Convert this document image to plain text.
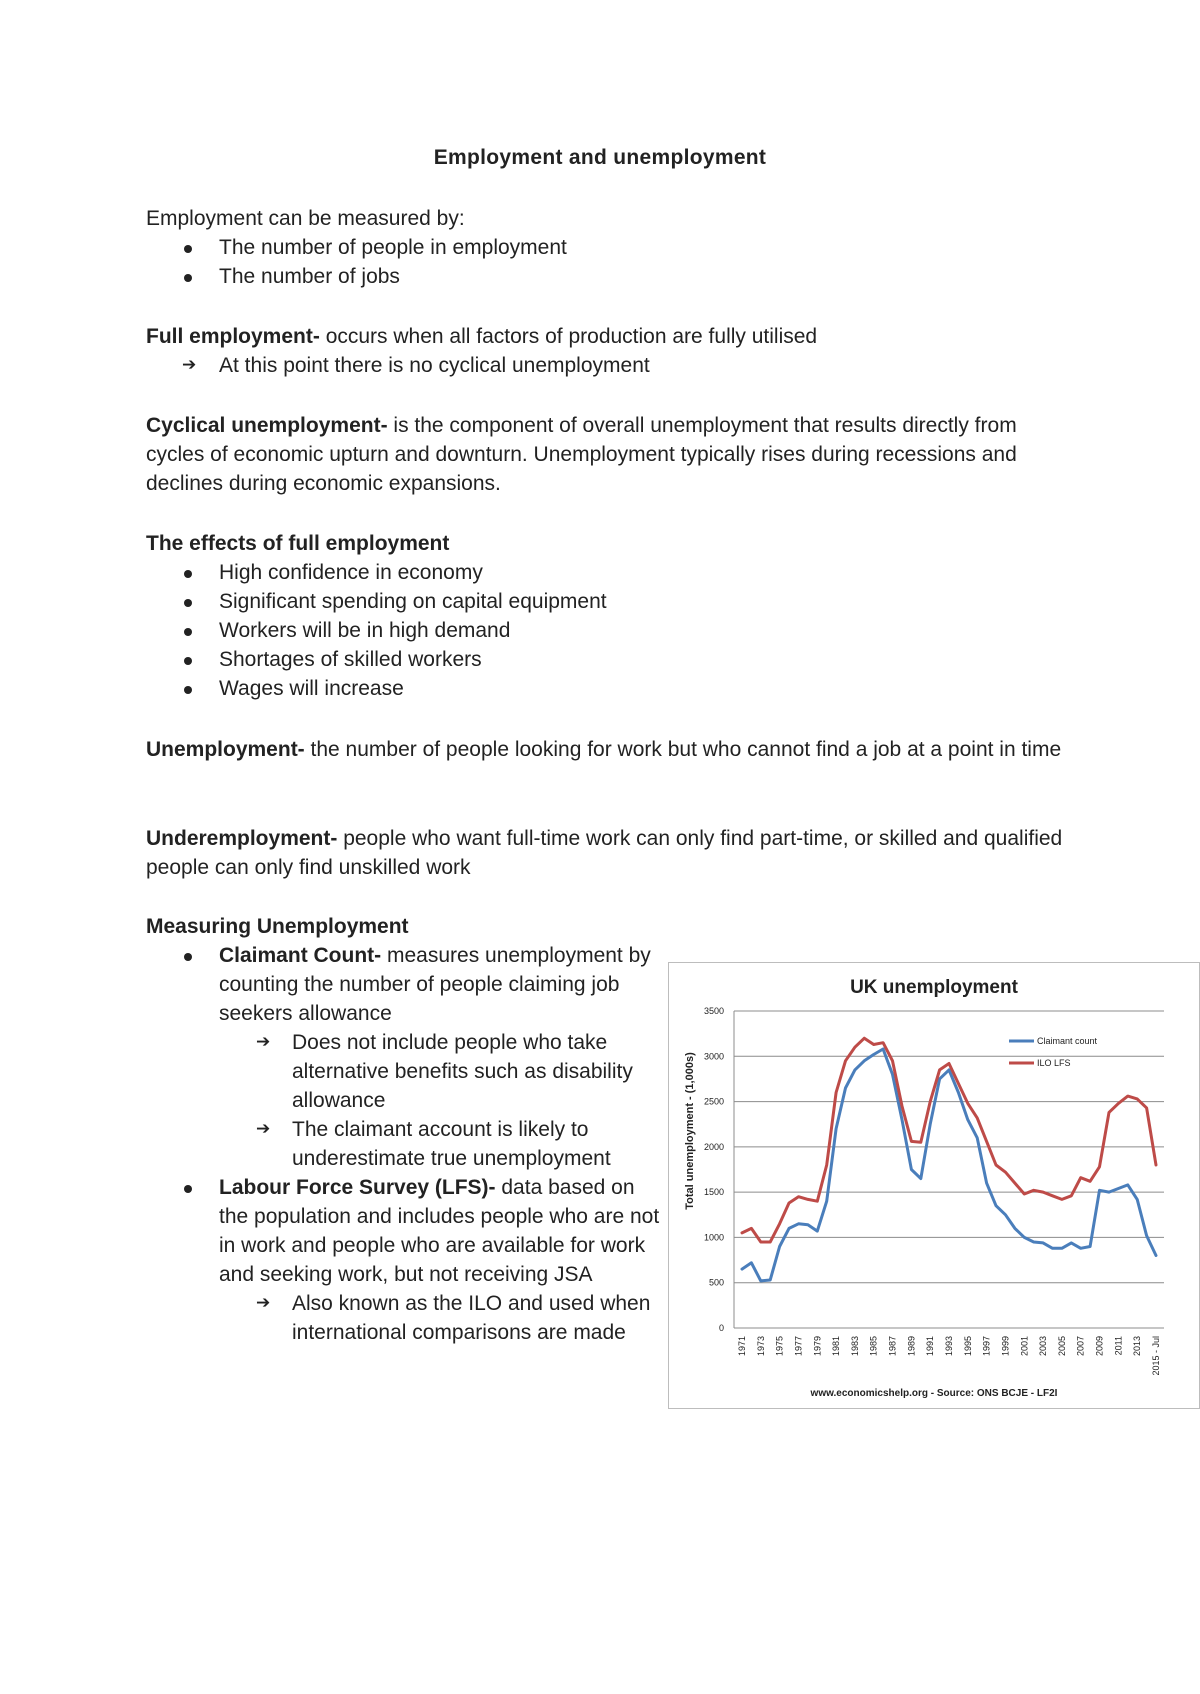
Employment and unemployment

Employment can be measured by:

The number of people in employment
The number of jobs

Full employment- occurs when all factors of production are fully utilised

➔ At this point there is no cyclical unemployment

Cyclical unemployment- is the component of overall unemployment that results directly from cycles of economic upturn and downturn. Unemployment typically rises during recessions and declines during economic expansions.

The effects of full employment

High confidence in economy
Significant spending on capital equipment
Workers will be in high demand
Shortages of skilled workers
Wages will increase

Unemployment- the number of people looking for work but who cannot find a job at a point in time

Underemployment- people who want full-time work can only find part-time, or skilled and qualified people can only find unskilled work

Measuring Unemployment

Claimant Count- measures unemployment by counting the number of people claiming job seekers allowance
➔ Does not include people who take alternative benefits such as disability allowance
➔ The claimant account is likely to underestimate true unemployment
Labour Force Survey (LFS)- data based on the population and includes people who are not in work and people who are available for work and seeking work, but not receiving JSA
➔ Also known as the ILO and used when international comparisons are made
UK unemployment
Total unemployment - (1,000s)
0
500
1000
1500
2000
2500
3000
3500
1971 1973 1975 1977 1979 1981 1983 1985 1987 1989 1991 1993 1995 1997 1999 2001 2003 2005 2007 2009 2011 2013 2015 - Jul
Claimant count
ILO LFS
www.economicshelp.org - Source: ONS BCJE - LF2I
